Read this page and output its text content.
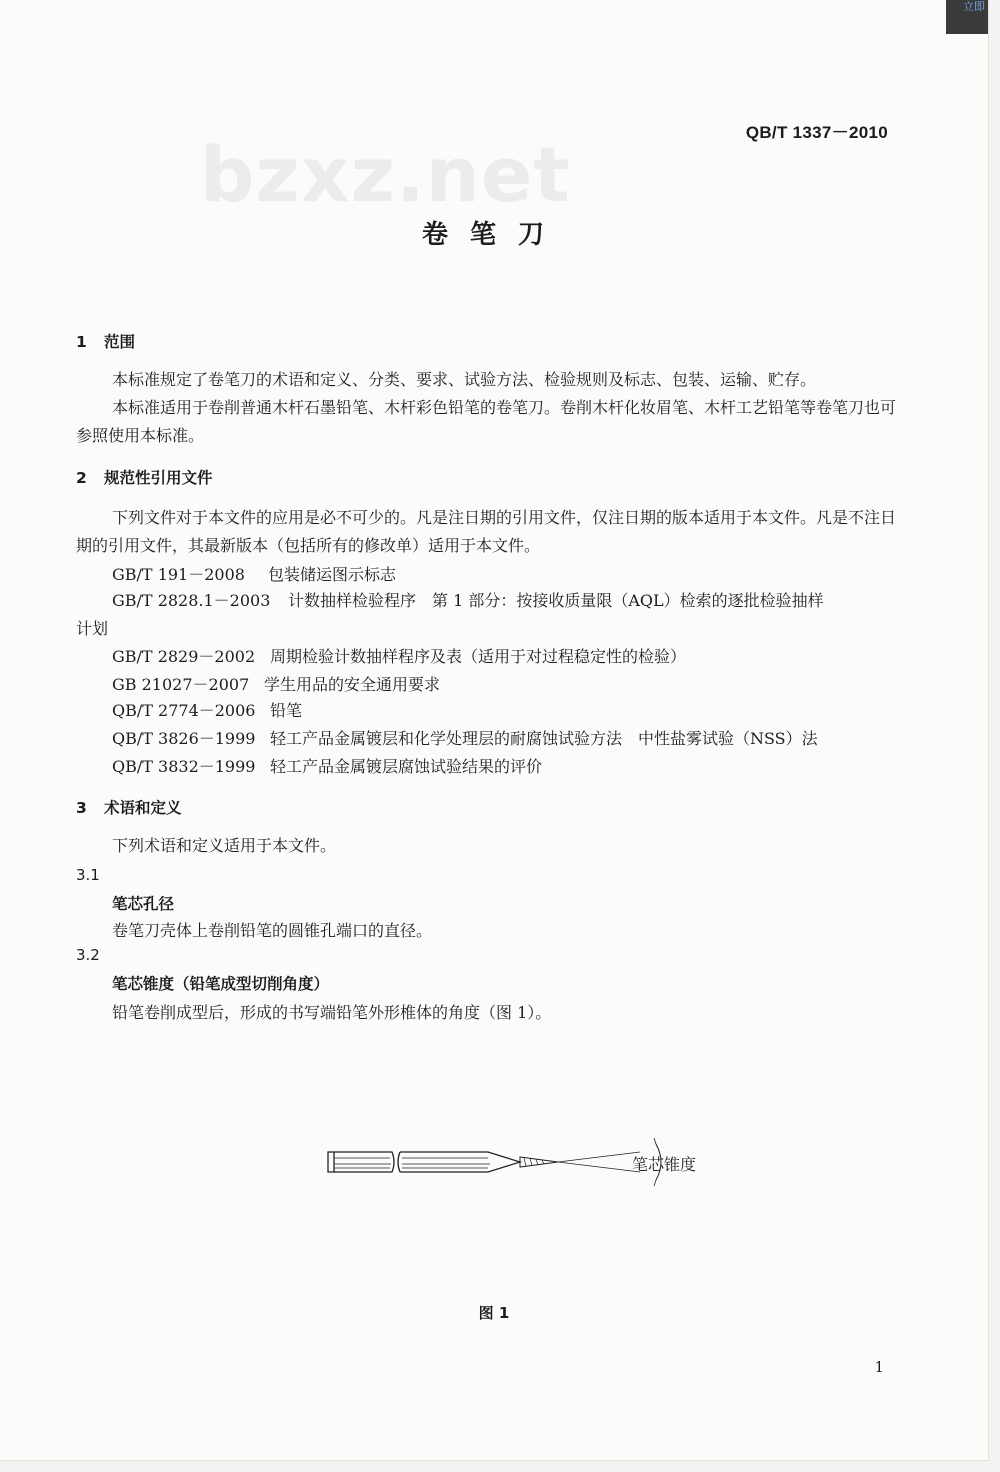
立即
QB/T 1337－2010
bzxz.net
卷笔刀
1 范围

本标准规定了卷笔刀的术语和定义、分类、要求、试验方法、检验规则及标志、包装、运输、贮存。

本标准适用于卷削普通木杆石墨铅笔、木杆彩色铅笔的卷笔刀。卷削木杆化妆眉笔、木杆工艺铅笔等卷笔刀也可参照使用本标准。

2 规范性引用文件

下列文件对于本文件的应用是必不可少的。凡是注日期的引用文件，仅注日期的版本适用于本文件。凡是不注日期的引用文件，其最新版本（包括所有的修改单）适用于本文件。

GB/T 191－2008 包装储运图示标志
GB/T 2828.1－2003 计数抽样检验程序　第 1 部分：按接收质量限（AQL）检索的逐批检验抽样
计划
GB/T 2829－2002 周期检验计数抽样程序及表（适用于对过程稳定性的检验）
GB 21027－2007 学生用品的安全通用要求
QB/T 2774－2006 铅笔
QB/T 3826－1999 轻工产品金属镀层和化学处理层的耐腐蚀试验方法　中性盐雾试验（NSS）法
QB/T 3832－1999 轻工产品金属镀层腐蚀试验结果的评价
3 术语和定义

下列术语和定义适用于本文件。

3.1
笔芯孔径
卷笔刀壳体上卷削铅笔的圆锥孔端口的直径。
3.2
笔芯锥度（铅笔成型切削角度）
铅笔卷削成型后，形成的书写端铅笔外形椎体的角度（图 1）。
笔芯锥度
图 1
1
